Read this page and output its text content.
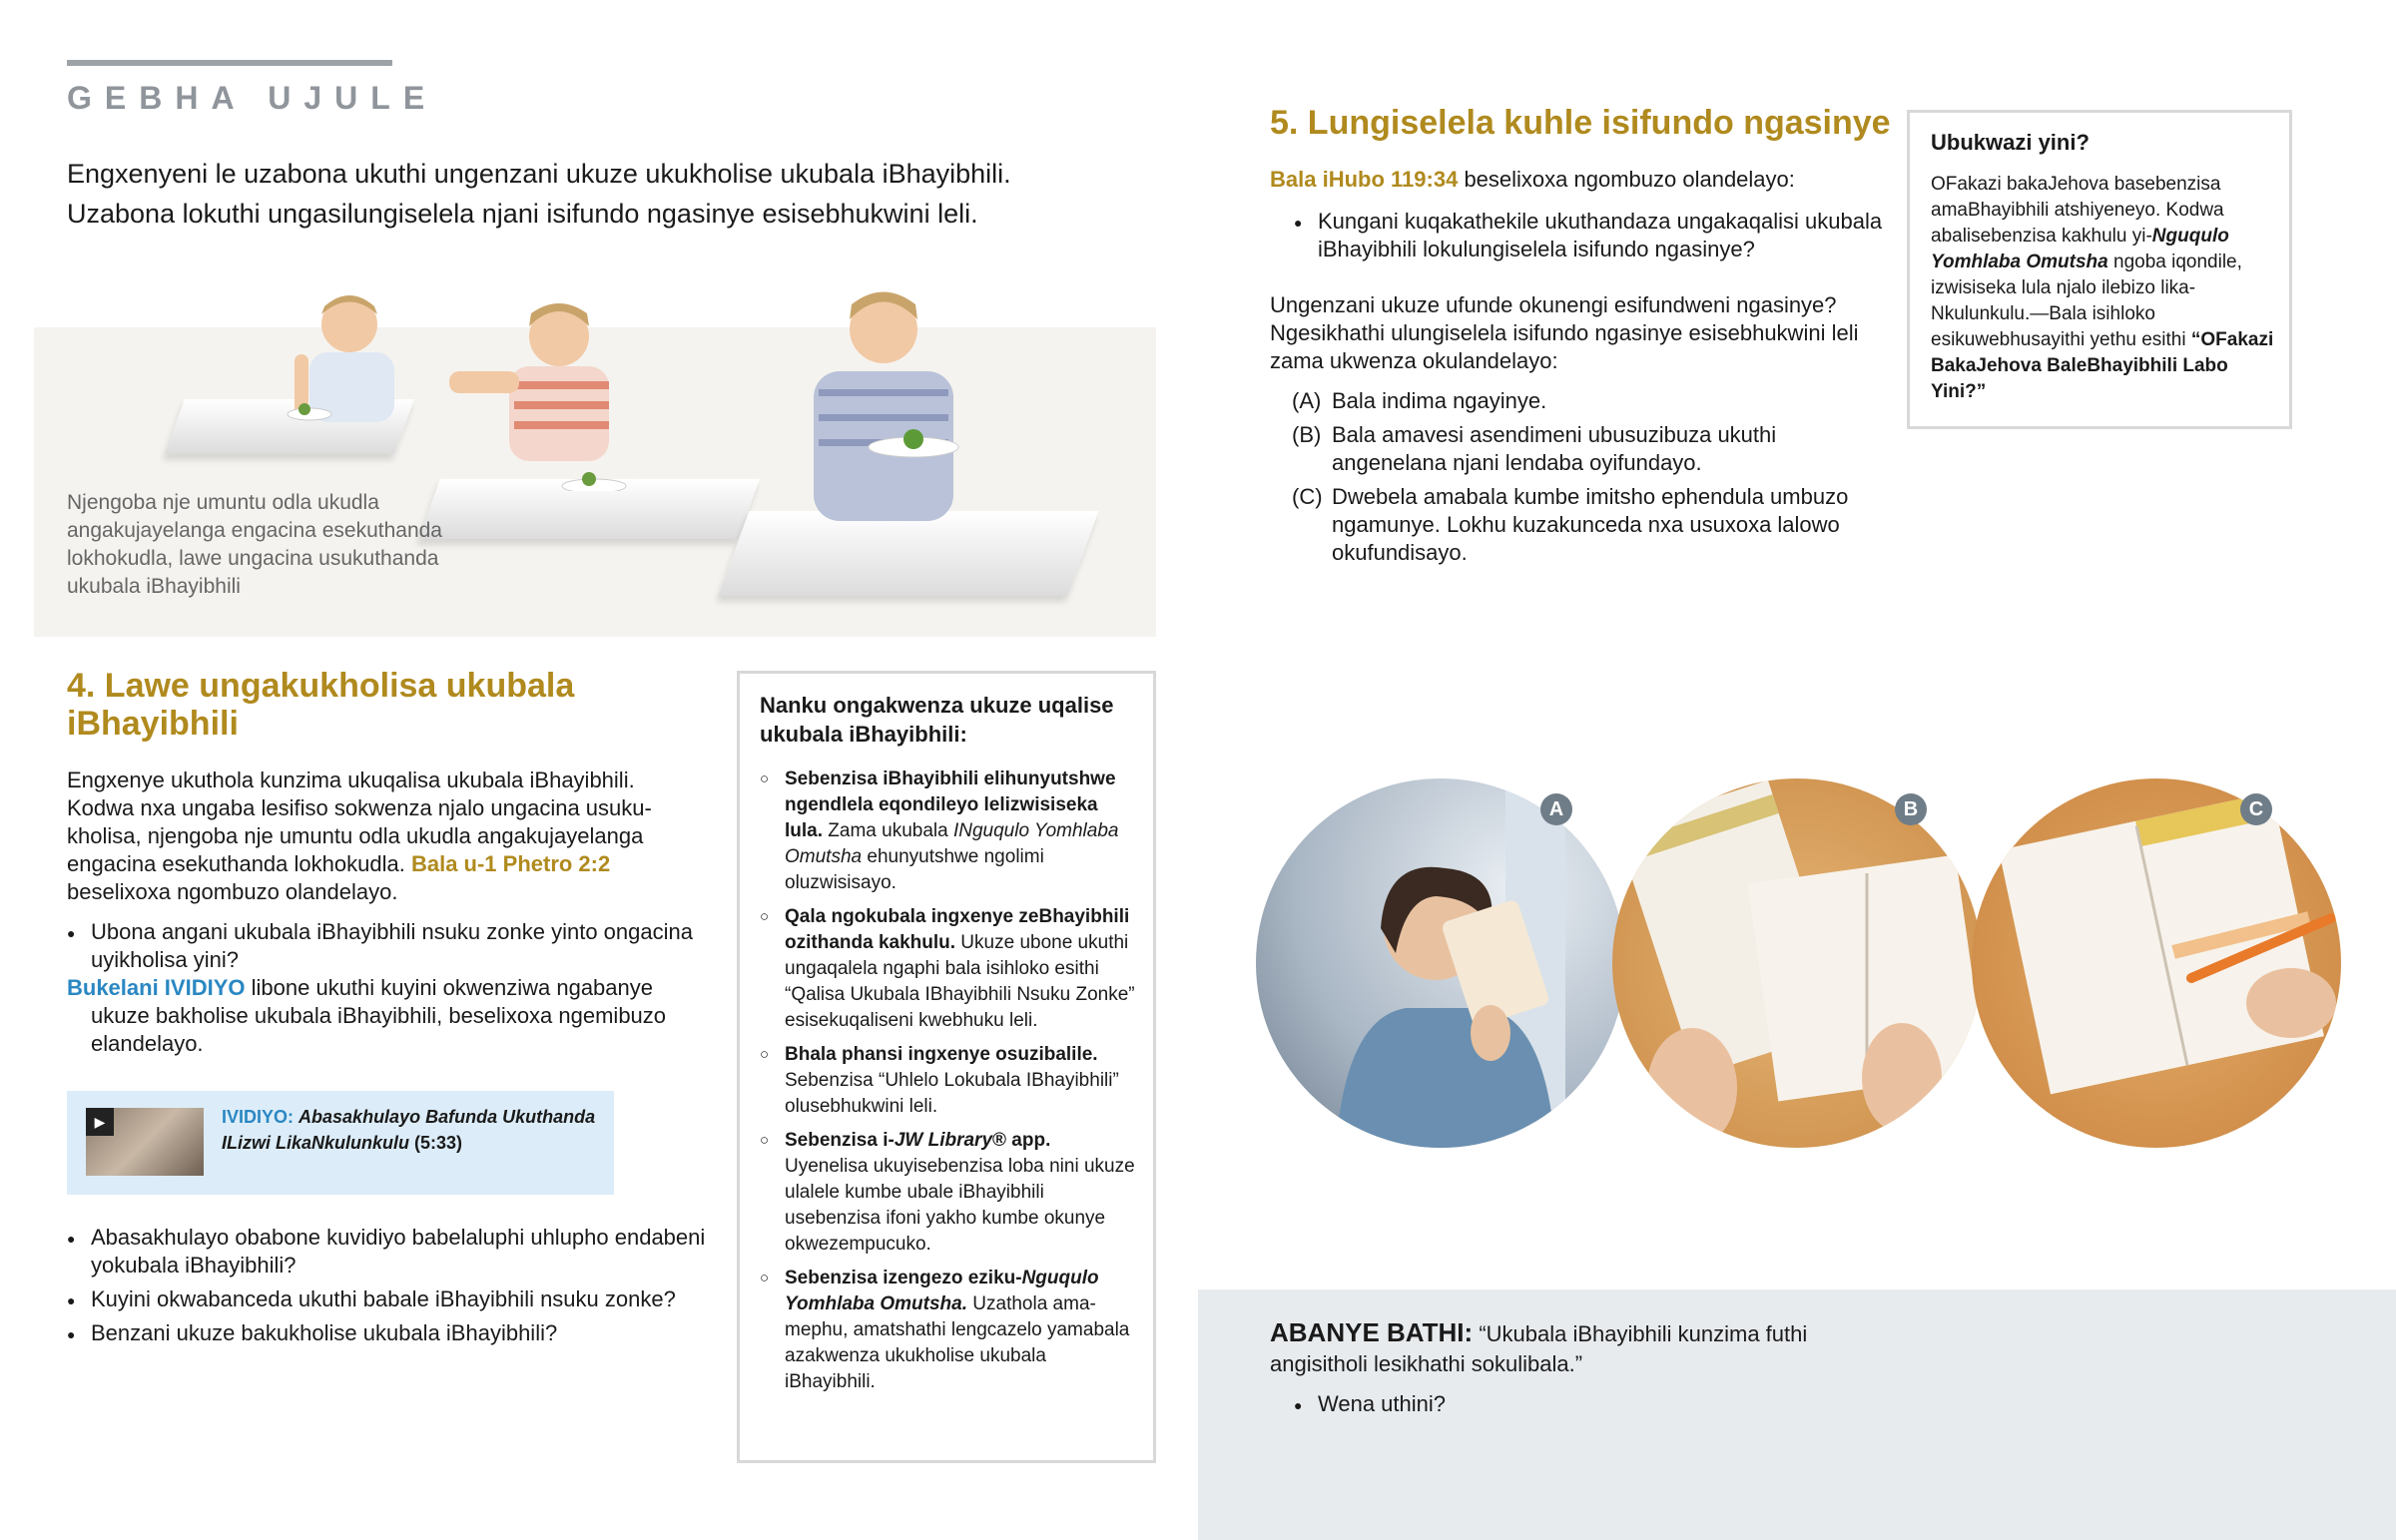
GEBHA UJULE
Engxenyeni le uzabona ukuthi ungenzani ukuze ukukholise ukubala iBhayibhili. Uzabona lokuthi ungasilungiselela njani isifundo ngasinye esisebhukwini leli.
Njengoba nje umuntu odla ukudla angakujayelanga engacina esekuthanda lokhokudla, lawe ungacina usukuthanda ukubala iBhayibhili
4. Lawe ungakukholisa ukubala iBhayibhili

Engxenye ukuthola kunzima ukuqalisa ukubala iBhayibhili. Kodwa nxa ungaba lesifiso sokwenza njalo ungacina usukukholisa, njengoba nje umuntu odla ukudla angakujayelanga engacina esekuthanda lokhokudla. Bala u-1 Phetro 2:2 beselixoxa ngombuzo olandelayo.

● Ubona angani ukubala iBhayibhili nsuku zonke yinto ongacina uyikholisa yini?

Bukelani IVIDIYO libone ukuthi kuyini okwenziwa ngabanye ukuze bakholise ukubala iBhayibhili, beselixoxa ngemibuzo elandelayo.

▶	IVIDIYO: Abasakhulayo Bafunda Ukuthanda ILizwi LikaNkulunkulu (5:33)

● Abasakhulayo obabone kuvidiyo babelaluphi uhlupho endabeni yokubala iBhayibhili?

● Kuyini okwabanceda ukuthi babale iBhayibhili nsuku zonke?

● Benzani ukuze bakukholise ukubala iBhayibhili?

Nanku ongakwenza ukuze uqalise ukubala iBhayibhili:

○ Sebenzisa iBhayibhili elihunyutshwe ngendlela eqondileyo lelizwisiseka lula. Zama ukubala INguqulo Yomhlaba Omutsha ehunyutshwe ngolimi oluzwisisayo.

○ Qala ngokubala ingxenye zeBhayibhili ozithanda kakhulu. Ukuze ubone ukuthi ungaqalela ngaphi bala isihloko esithi “Qalisa Ukubala IBhayibhili Nsuku Zonke” esisekuqaliseni kwebhuku leli.

○ Bhala phansi ingxenye osuzibalile. Sebenzisa “Uhlelo Lokubala IBhayibhili” olusebhukwini leli.

○ Sebenzisa i-JW Library® app. Uyenelisa ukuyisebenzisa loba nini ukuze ulalele kumbe ubale iBhayibhili usebenzisa ifoni yakho kumbe okunye okwezempucuko.

○ Sebenzisa izengezo eziku-Nguqulo Yomhlaba Omutsha. Uzathola amamephu, amatshathi lengcazelo yamabala azakwenza ukukholise ukubala iBhayibhili.

5. Lungiselela kuhle isifundo ngasinye

Bala iHubo 119:34 beselixoxa ngombuzo olandelayo:

● Kungani kuqakathekile ukuthandaza ungakaqalisi ukubala iBhayibhili lokulungiselela isifundo ngasinye?

Ungenzani ukuze ufunde okunengi esifundweni ngasinye? Ngesikhathi ulungiselela isifundo ngasinye esisebhukwini leli zama ukwenza okulandelayo:

(A) Bala indima ngayinye.

(B) Bala amavesi asendimeni ubusuzibuza ukuthi angenelana njani lendaba oyifundayo.

(C) Dwebela amabala kumbe imitsho ephendula umbuzo ngamunye. Lokhu kuzakunceda nxa usuxoxa lalowo okufundisayo.

Ubukwazi yini?
OFakazi bakaJehova basebenzisa amaBhayibhili atshiyeneyo. Kodwa abalisebenzisa kakhulu yi-Nguqulo Yomhlaba Omutsha ngoba iqondile, izwisiseka lula njalo ilebizo likaNkulunkulu.—Bala isihloko esikuwebhusayithi yethu esithi “OFakazi BakaJehova BaleBhayibhili Labo Yini?”
A	B	C

ABANYE BATHI: “Ukubala iBhayibhili kunzima futhi angisitholi lesikhathi sokulibala.”

● Wena uthini?
